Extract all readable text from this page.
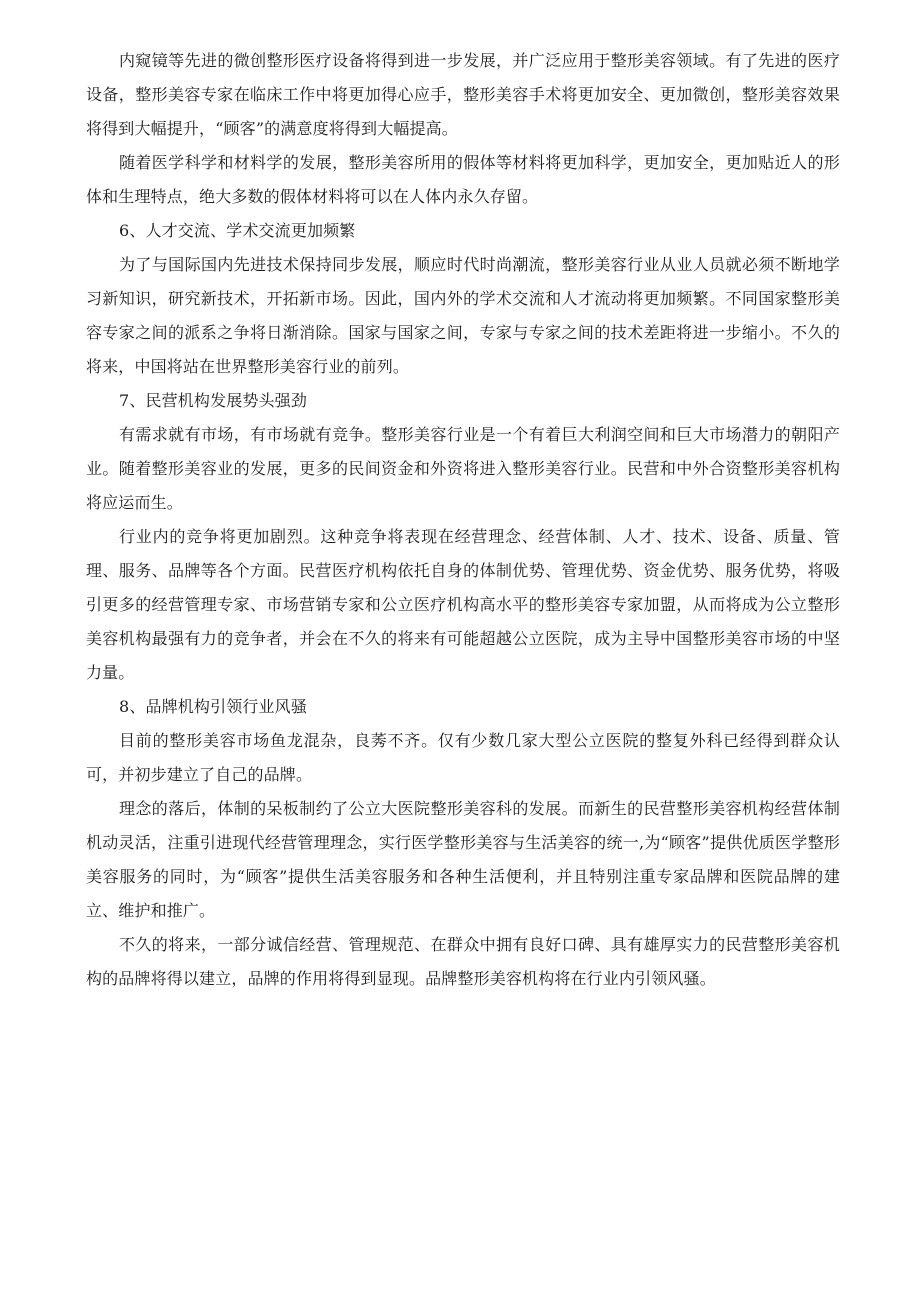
内窥镜等先进的微创整形医疗设备将得到进一步发展，并广泛应用于整形美容领域。有了先进的医疗设备，整形美容专家在临床工作中将更加得心应手，整形美容手术将更加安全、更加微创，整形美容效果将得到大幅提升，“顾客”的满意度将得到大幅提高。

随着医学科学和材料学的发展，整形美容所用的假体等材料将更加科学，更加安全，更加贴近人的形体和生理特点，绝大多数的假体材料将可以在人体内永久存留。

6、人才交流、学术交流更加频繁

为了与国际国内先进技术保持同步发展，顺应时代时尚潮流，整形美容行业从业人员就必须不断地学习新知识，研究新技术，开拓新市场。因此，国内外的学术交流和人才流动将更加频繁。不同国家整形美容专家之间的派系之争将日渐消除。国家与国家之间，专家与专家之间的技术差距将进一步缩小。不久的将来，中国将站在世界整形美容行业的前列。

7、民营机构发展势头强劲

有需求就有市场，有市场就有竞争。整形美容行业是一个有着巨大利润空间和巨大市场潜力的朝阳产业。随着整形美容业的发展，更多的民间资金和外资将进入整形美容行业。民营和中外合资整形美容机构将应运而生。

行业内的竞争将更加剧烈。这种竞争将表现在经营理念、经营体制、人才、技术、设备、质量、管理、服务、品牌等各个方面。民营医疗机构依托自身的体制优势、管理优势、资金优势、服务优势，将吸引更多的经营管理专家、市场营销专家和公立医疗机构高水平的整形美容专家加盟，从而将成为公立整形美容机构最强有力的竞争者，并会在不久的将来有可能超越公立医院，成为主导中国整形美容市场的中坚力量。

8、品牌机构引领行业风骚

目前的整形美容市场鱼龙混杂，良莠不齐。仅有少数几家大型公立医院的整复外科已经得到群众认可，并初步建立了自己的品牌。

理念的落后，体制的呆板制约了公立大医院整形美容科的发展。而新生的民营整形美容机构经营体制机动灵活，注重引进现代经营管理理念，实行医学整形美容与生活美容的统一,为“顾客”提供优质医学整形美容服务的同时，为“顾客”提供生活美容服务和各种生活便利，并且特别注重专家品牌和医院品牌的建立、维护和推广。

不久的将来，一部分诚信经营、管理规范、在群众中拥有良好口碑、具有雄厚实力的民营整形美容机构的品牌将得以建立，品牌的作用将得到显现。品牌整形美容机构将在行业内引领风骚。
